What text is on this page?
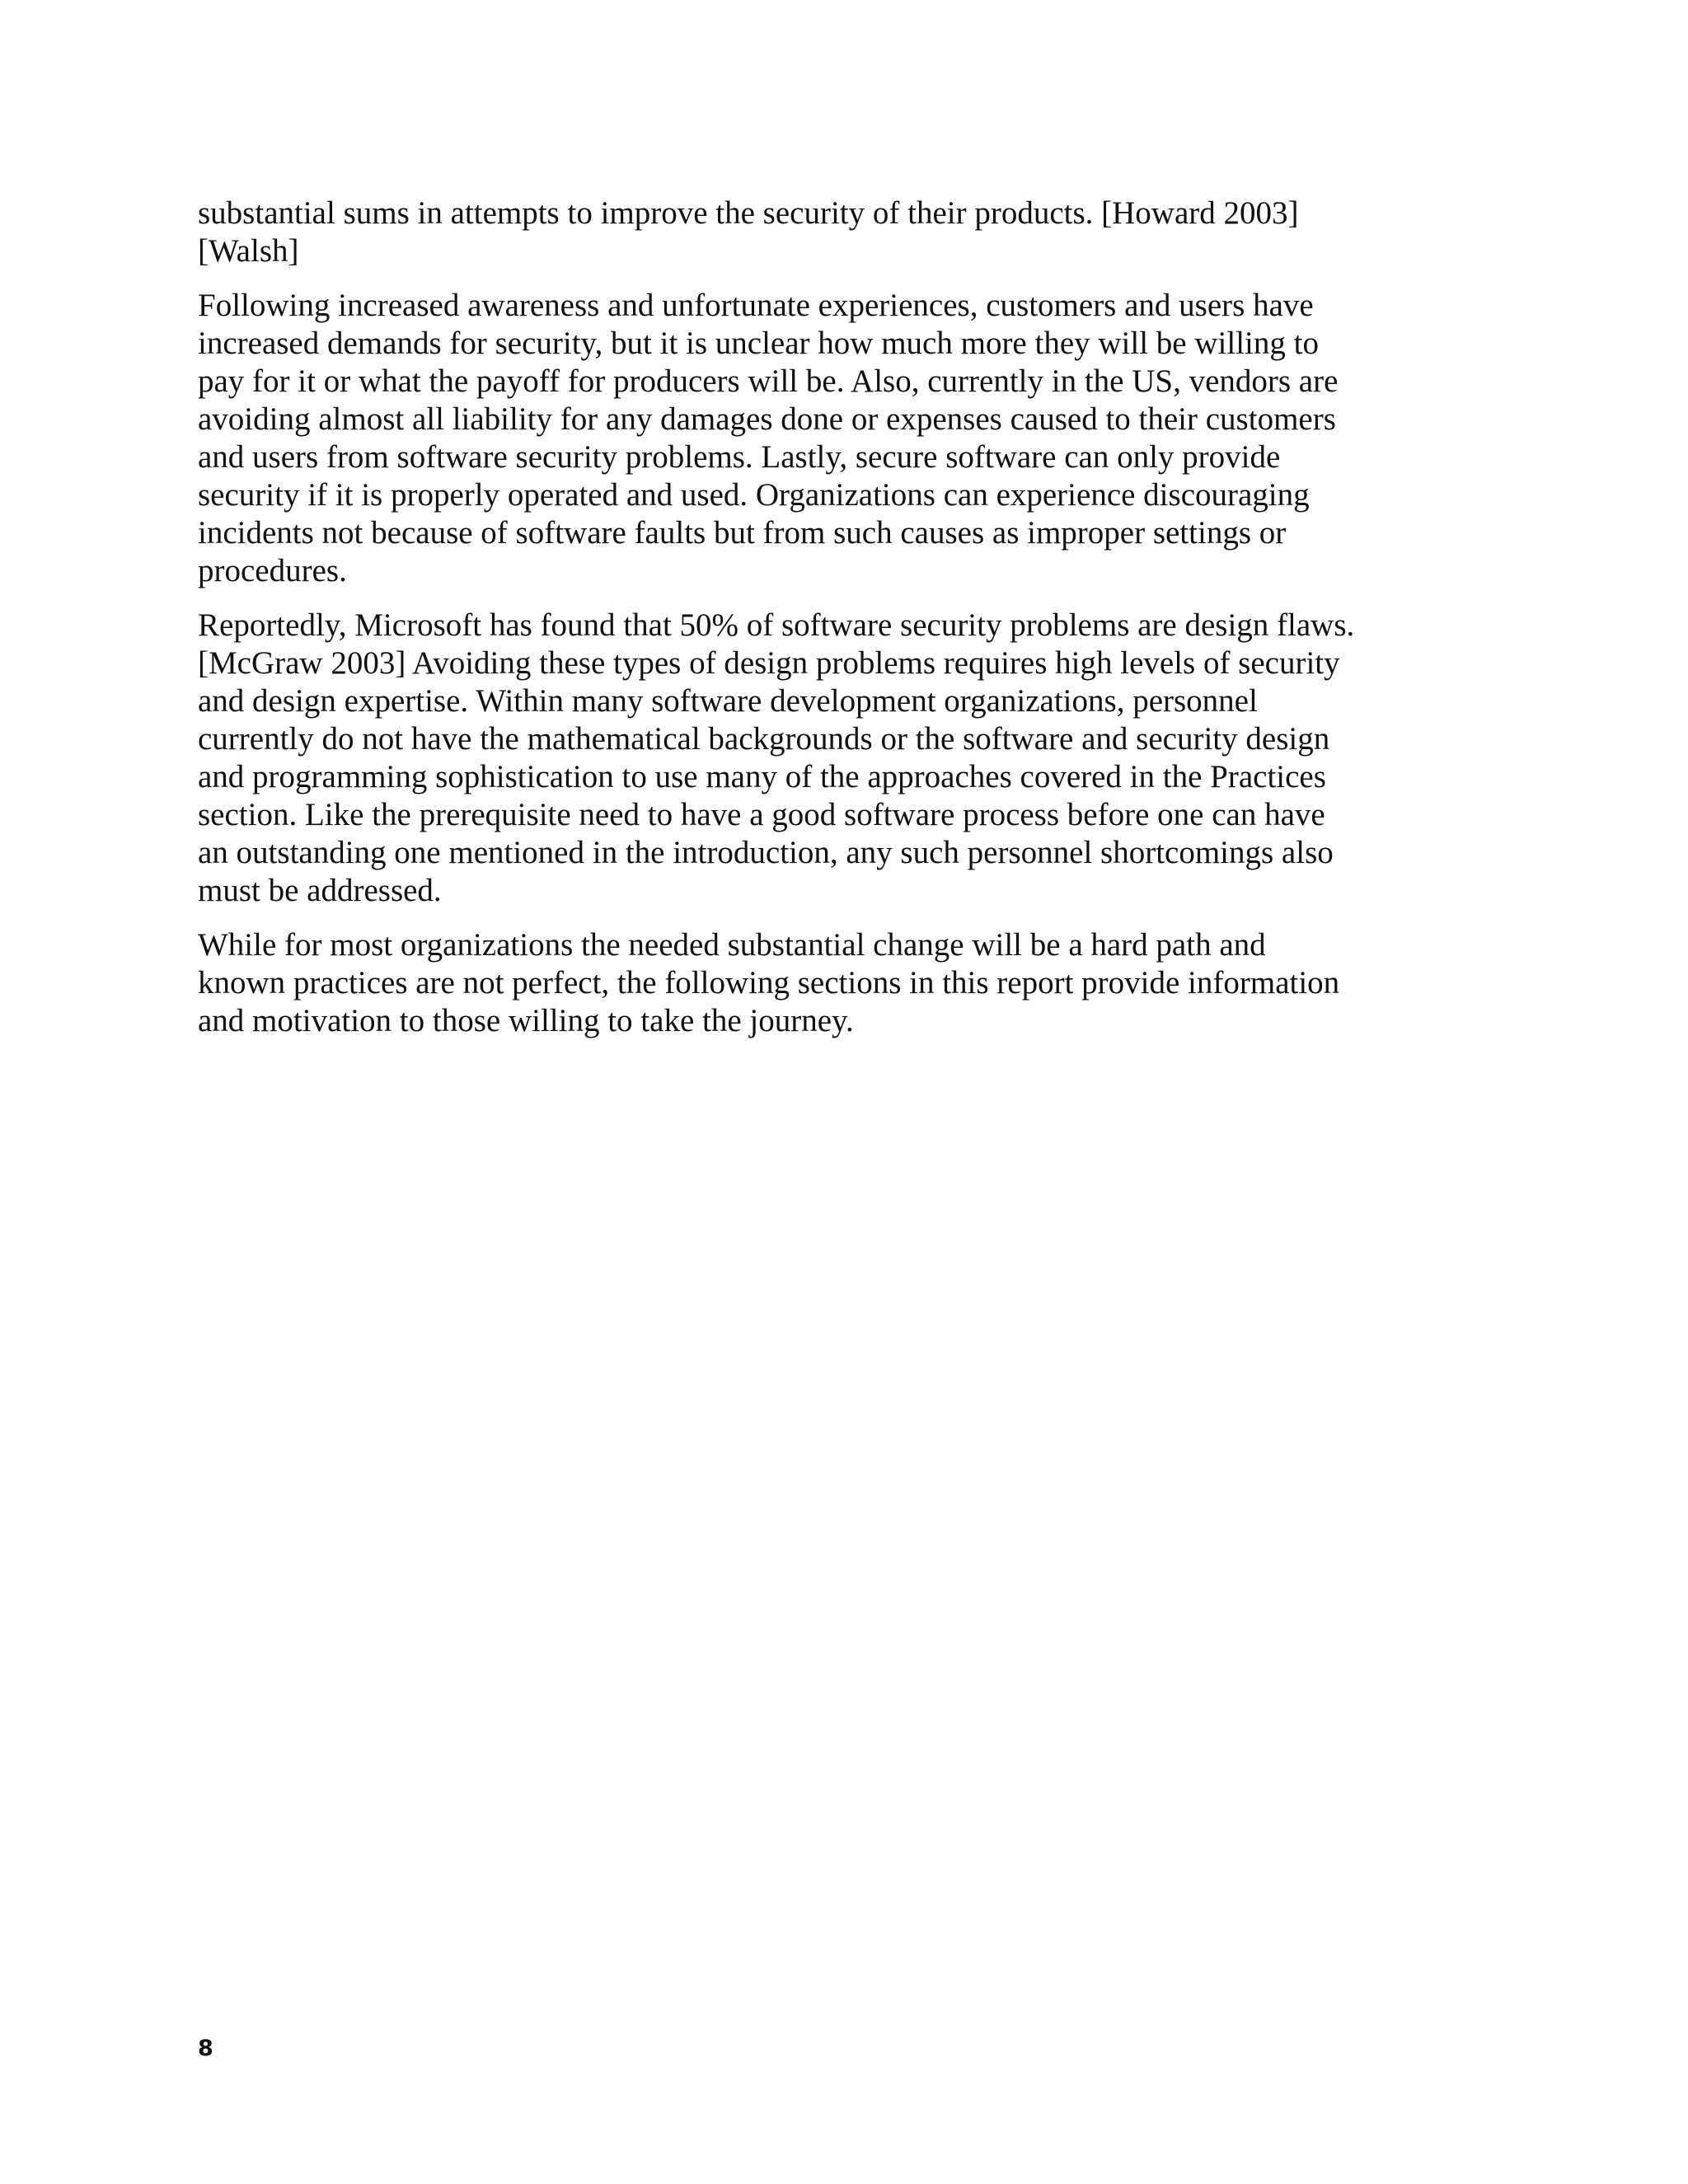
substantial sums in attempts to improve the security of their products. [Howard 2003]
[Walsh]

Following increased awareness and unfortunate experiences, customers and users have
increased demands for security, but it is unclear how much more they will be willing to
pay for it or what the payoff for producers will be. Also, currently in the US, vendors are
avoiding almost all liability for any damages done or expenses caused to their customers
and users from software security problems. Lastly, secure software can only provide
security if it is properly operated and used. Organizations can experience discouraging
incidents not because of software faults but from such causes as improper settings or
procedures.

Reportedly, Microsoft has found that 50% of software security problems are design flaws.
[McGraw 2003] Avoiding these types of design problems requires high levels of security
and design expertise. Within many software development organizations, personnel
currently do not have the mathematical backgrounds or the software and security design
and programming sophistication to use many of the approaches covered in the Practices
section. Like the prerequisite need to have a good software process before one can have
an outstanding one mentioned in the introduction, any such personnel shortcomings also
must be addressed.

While for most organizations the needed substantial change will be a hard path and
known practices are not perfect, the following sections in this report provide information
and motivation to those willing to take the journey.

8
